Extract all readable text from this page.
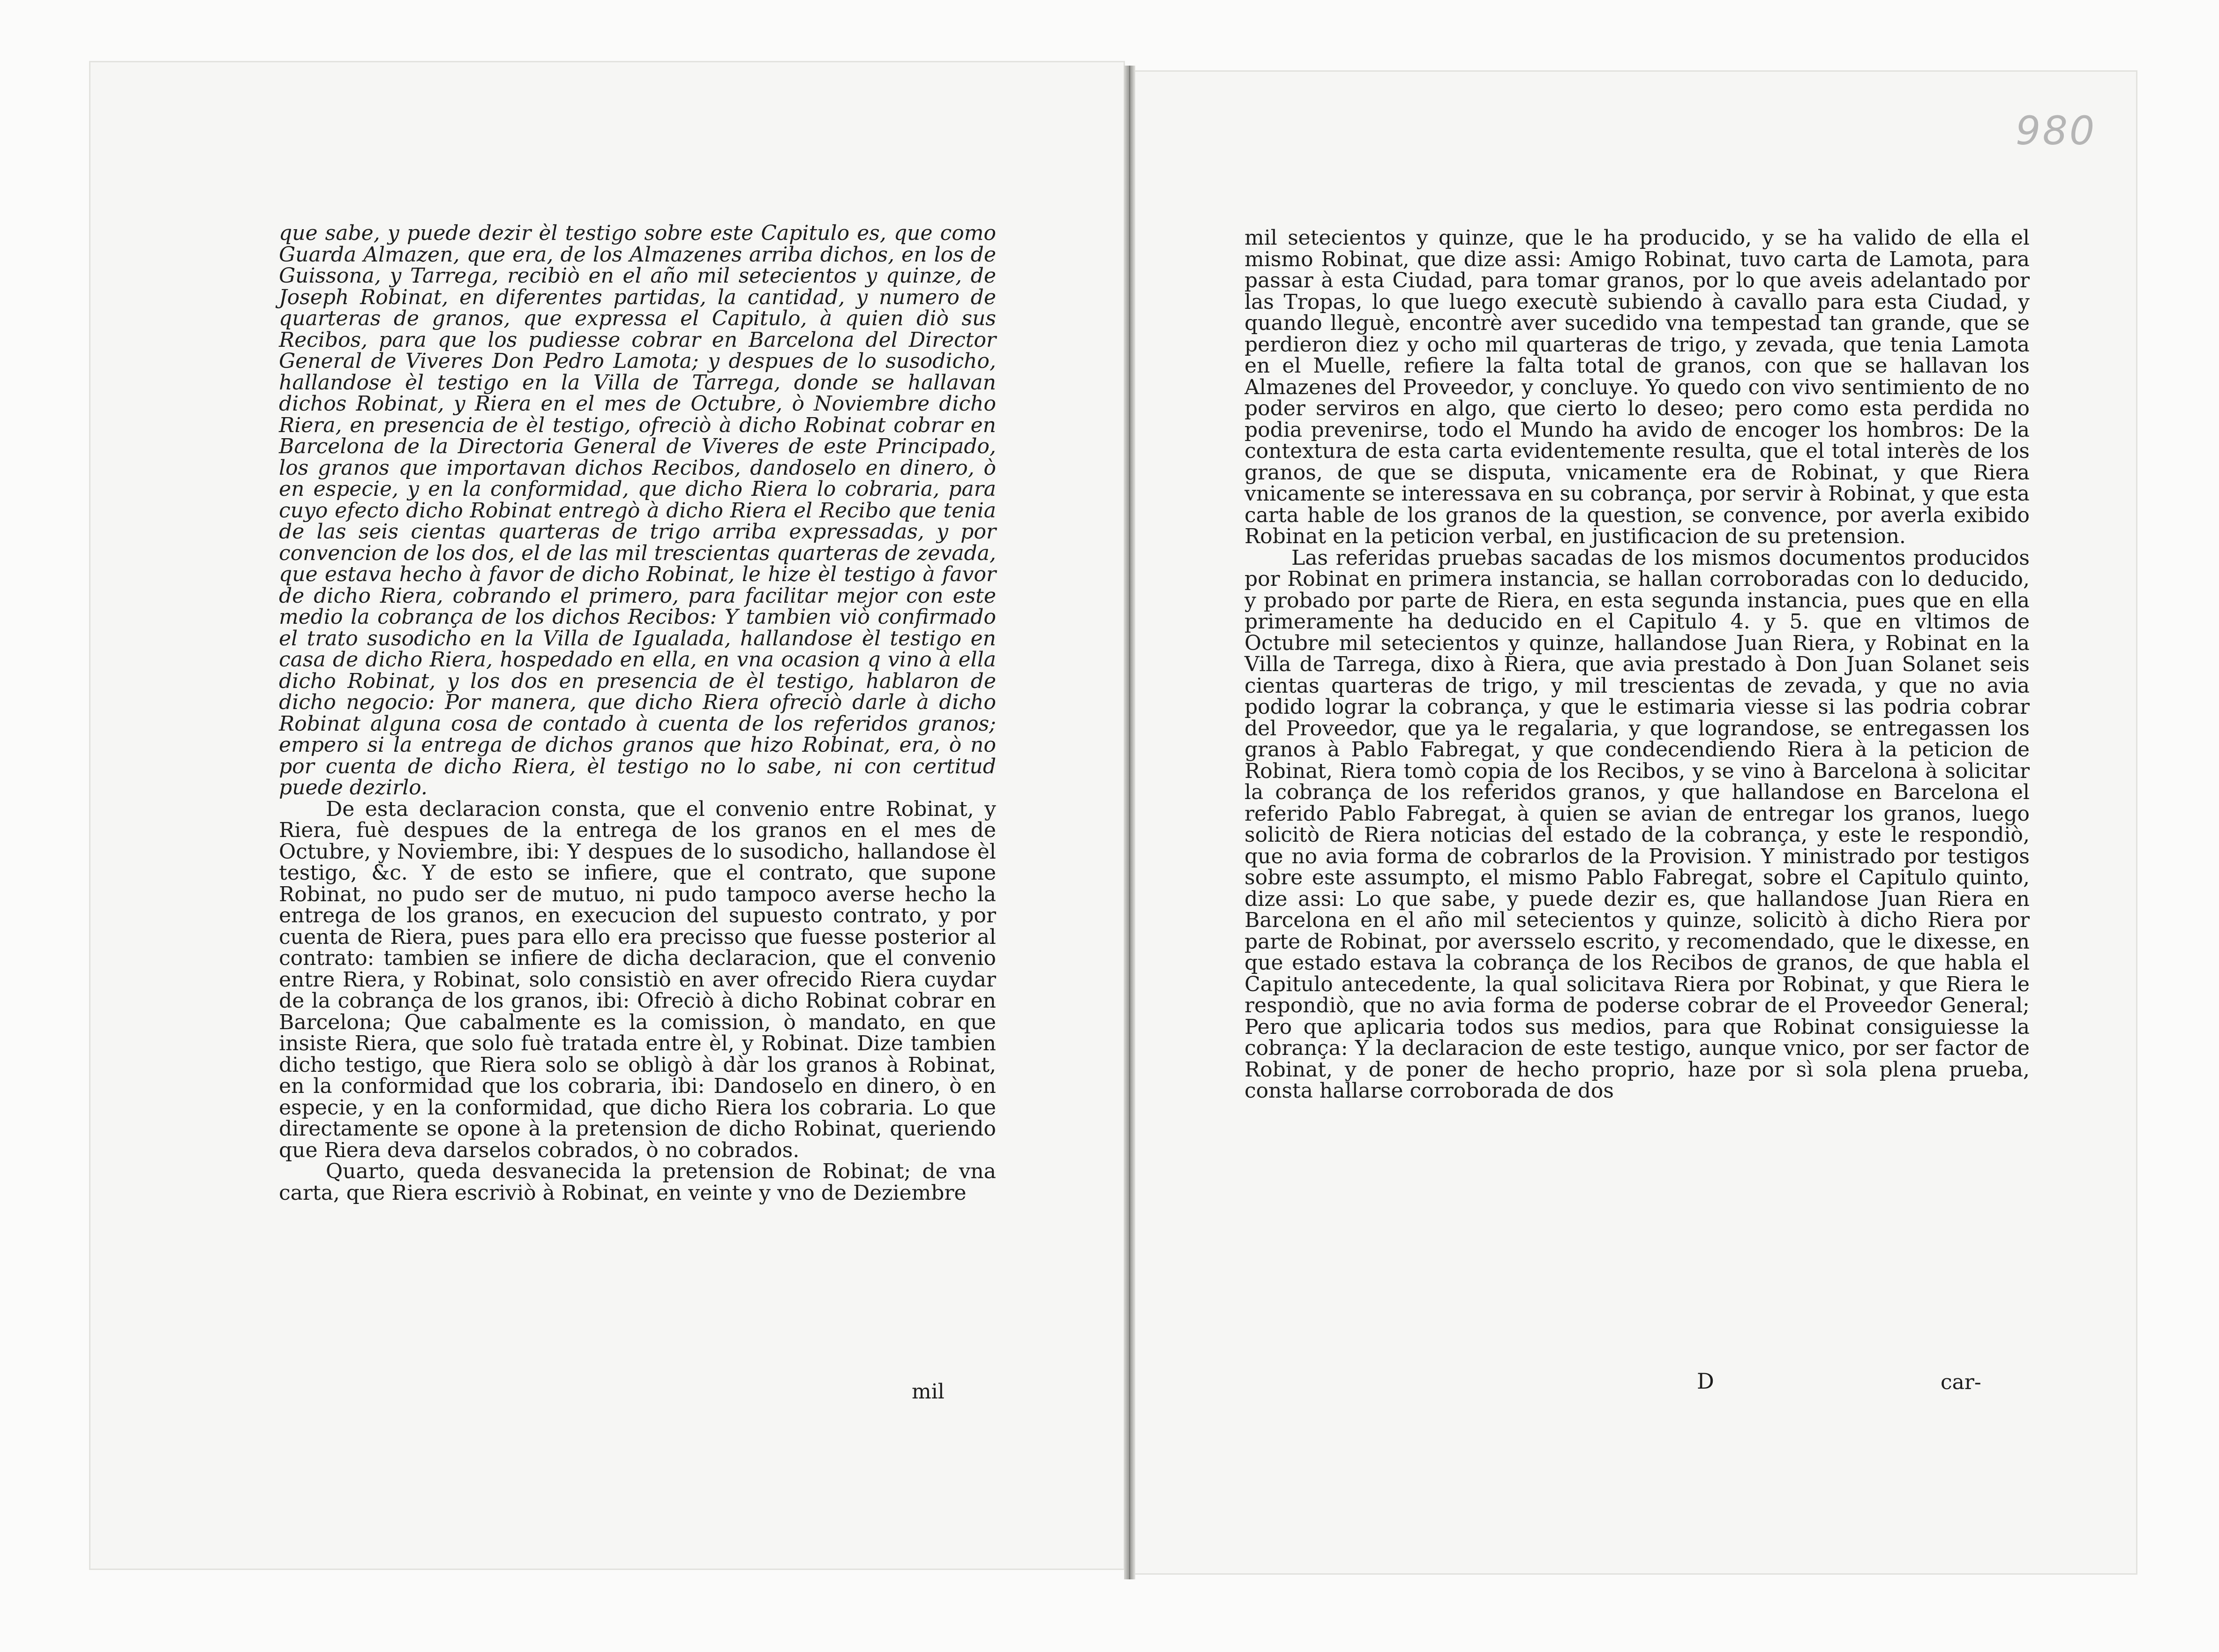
980

que sabe, y puede dezir èl testigo sobre este Capitulo es, que como Guarda Almazen, que era, de los Almazenes arriba dichos, en los de Guissona, y Tarrega, recibiò en el año mil setecientos y quinze, de Joseph Robinat, en diferentes partidas, la cantidad, y numero de quarteras de granos, que expressa el Capitulo, à quien diò sus Recibos, para que los pudiesse cobrar en Barcelona del Director General de Viveres Don Pedro Lamota; y despues de lo susodicho, hallandose èl testigo en la Villa de Tarrega, donde se hallavan dichos Robinat, y Riera en el mes de Octubre, ò Noviembre dicho Riera, en presencia de èl testigo, ofreciò à dicho Robinat cobrar en Barcelona de la Directoria General de Viveres de este Principado, los granos que importavan dichos Recibos, dandoselo en dinero, ò en especie, y en la conformidad, que dicho Riera lo cobraria, para cuyo efecto dicho Robinat entregò à dicho Riera el Recibo que tenia de las seis cientas quarteras de trigo arriba expressadas, y por convencion de los dos, el de las mil trescientas quarteras de zevada, que estava hecho à favor de dicho Robinat, le hize èl testigo à favor de dicho Riera, cobrando el primero, para facilitar mejor con este medio la cobrança de los dichos Recibos: Y tambien viò confirmado el trato susodicho en la Villa de Igualada, hallandose èl testigo en casa de dicho Riera, hospedado en ella, en vna ocasion q vino à ella dicho Robinat, y los dos en presencia de èl testigo, hablaron de dicho negocio: Por manera, que dicho Riera ofreciò darle à dicho Robinat alguna cosa de contado à cuenta de los referidos granos; empero si la entrega de dichos granos que hizo Robinat, era, ò no por cuenta de dicho Riera, èl testigo no lo sabe, ni con certitud puede dezirlo.

De esta declaracion consta, que el convenio entre Robinat, y Riera, fuè despues de la entrega de los granos en el mes de Octubre, y Noviembre, ibi: Y despues de lo susodicho, hallandose èl testigo, &c. Y de esto se infiere, que el contrato, que supone Robinat, no pudo ser de mutuo, ni pudo tampoco averse hecho la entrega de los granos, en execucion del supuesto contrato, y por cuenta de Riera, pues para ello era precisso que fuesse posterior al contrato: tambien se infiere de dicha declaracion, que el convenio entre Riera, y Robinat, solo consistiò en aver ofrecido Riera cuydar de la cobrança de los granos, ibi: Ofreciò à dicho Robinat cobrar en Barcelona; Que cabalmente es la comission, ò mandato, en que insiste Riera, que solo fuè tratada entre èl, y Robinat. Dize tambien dicho testigo, que Riera solo se obligò à dàr los granos à Robinat, en la conformidad que los cobraria, ibi: Dandoselo en dinero, ò en especie, y en la conformidad, que dicho Riera los cobraria. Lo que directamente se opone à la pretension de dicho Robinat, queriendo que Riera deva darselos cobrados, ò no cobrados.

Quarto, queda desvanecida la pretension de Robinat; de vna carta, que Riera escriviò à Robinat, en veinte y vno de Deziembre

mil

mil setecientos y quinze, que le ha producido, y se ha valido de ella el mismo Robinat, que dize assi: Amigo Robinat, tuvo carta de Lamota, para passar à esta Ciudad, para tomar granos, por lo que aveis adelantado por las Tropas, lo que luego executè subiendo à cavallo para esta Ciudad, y quando lleguè, encontrè aver sucedido vna tempestad tan grande, que se perdieron diez y ocho mil quarteras de trigo, y zevada, que tenia Lamota en el Muelle, refiere la falta total de granos, con que se hallavan los Almazenes del Proveedor, y concluye. Yo quedo con vivo sentimiento de no poder serviros en algo, que cierto lo deseo; pero como esta perdida no podia prevenirse, todo el Mundo ha avido de encoger los hombros: De la contextura de esta carta evidentemente resulta, que el total interès de los granos, de que se disputa, vnicamente era de Robinat, y que Riera vnicamente se interessava en su cobrança, por servir à Robinat, y que esta carta hable de los granos de la question, se convence, por averla exibido Robinat en la peticion verbal, en justificacion de su pretension.

Las referidas pruebas sacadas de los mismos documentos producidos por Robinat en primera instancia, se hallan corroboradas con lo deducido, y probado por parte de Riera, en esta segunda instancia, pues que en ella primeramente ha deducido en el Capitulo 4. y 5. que en vltimos de Octubre mil setecientos y quinze, hallandose Juan Riera, y Robinat en la Villa de Tarrega, dixo à Riera, que avia prestado à Don Juan Solanet seis cientas quarteras de trigo, y mil trescientas de zevada, y que no avia podido lograr la cobrança, y que le estimaria viesse si las podria cobrar del Proveedor, que ya le regalaria, y que lograndose, se entregassen los granos à Pablo Fabregat, y que condecendiendo Riera à la peticion de Robinat, Riera tomò copia de los Recibos, y se vino à Barcelona à solicitar la cobrança de los referidos granos, y que hallandose en Barcelona el referido Pablo Fabregat, à quien se avian de entregar los granos, luego solicitò de Riera noticias del estado de la cobrança, y este le respondiò, que no avia forma de cobrarlos de la Provision. Y ministrado por testigos sobre este assumpto, el mismo Pablo Fabregat, sobre el Capitulo quinto, dize assi: Lo que sabe, y puede dezir es, que hallandose Juan Riera en Barcelona en el año mil setecientos y quinze, solicitò à dicho Riera por parte de Robinat, por aversselo escrito, y recomendado, que le dixesse, en que estado estava la cobrança de los Recibos de granos, de que habla el Capitulo antecedente, la qual solicitava Riera por Robinat, y que Riera le respondiò, que no avia forma de poderse cobrar de el Proveedor General; Pero que aplicaria todos sus medios, para que Robinat consiguiesse la cobrança: Y la declaracion de este testigo, aunque vnico, por ser factor de Robinat, y de poner de hecho proprio, haze por sì sola plena prueba, consta hallarse corroborada de dos

D	car-
